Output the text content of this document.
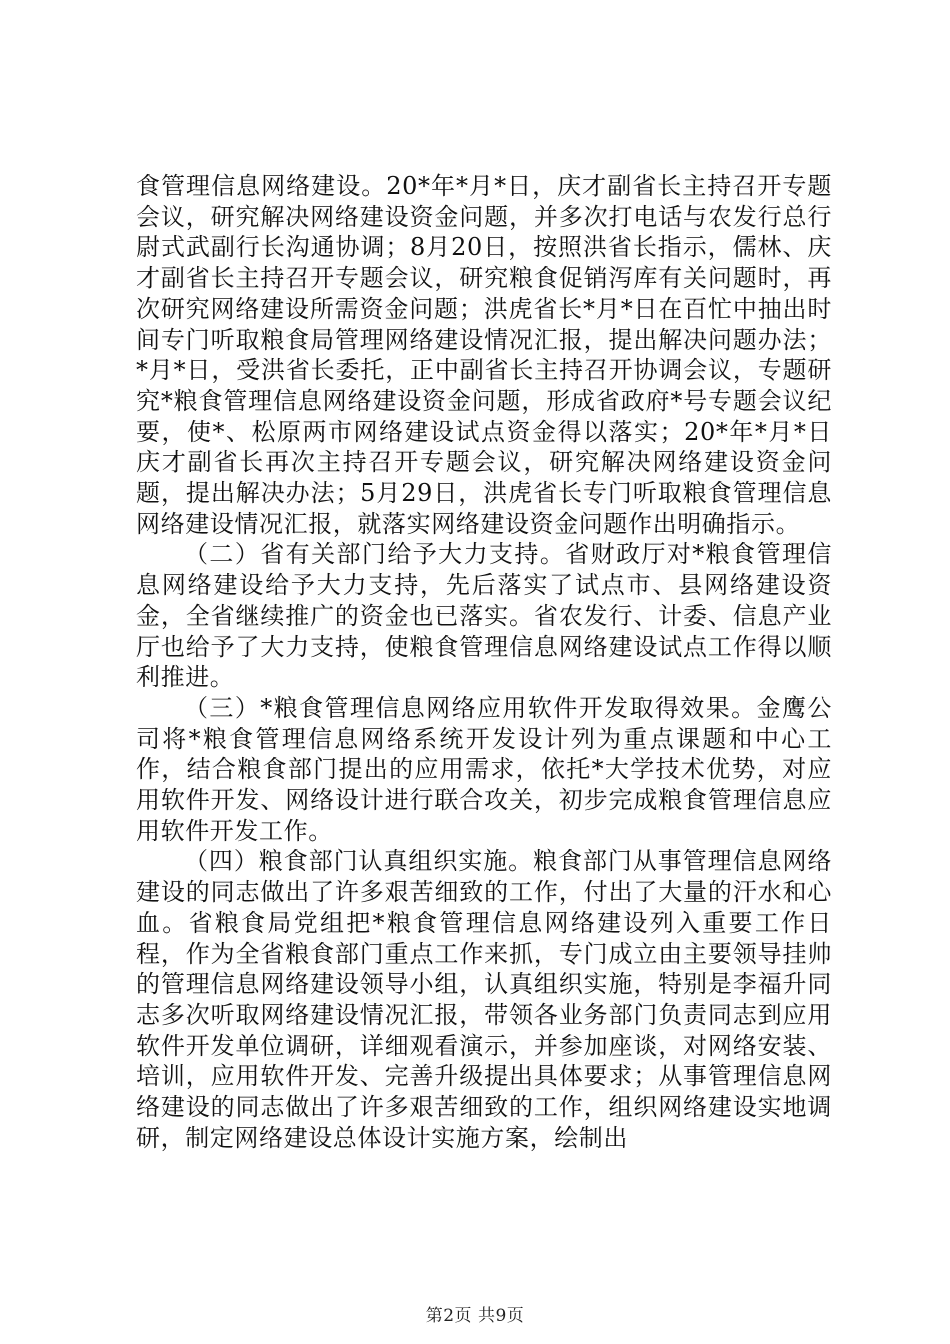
食管理信息网络建设。20*年*月*日，庆才副省长主持召开专题会议，研究解决网络建设资金问题，并多次打电话与农发行总行尉式武副行长沟通协调；8月20日，按照洪省长指示，儒林、庆才副省长主持召开专题会议，研究粮食促销泻库有关问题时，再次研究网络建设所需资金问题；洪虎省长*月*日在百忙中抽出时间专门听取粮食局管理网络建设情况汇报，提出解决问题办法；*月*日，受洪省长委托，正中副省长主持召开协调会议，专题研究*粮食管理信息网络建设资金问题，形成省政府*号专题会议纪要，使*、松原两市网络建设试点资金得以落实；20*年*月*日庆才副省长再次主持召开专题会议，研究解决网络建设资金问题，提出解决办法；5月29日，洪虎省长专门听取粮食管理信息网络建设情况汇报，就落实网络建设资金问题作出明确指示。

（二）省有关部门给予大力支持。省财政厅对*粮食管理信息网络建设给予大力支持，先后落实了试点市、县网络建设资金，全省继续推广的资金也已落实。省农发行、计委、信息产业厅也给予了大力支持，使粮食管理信息网络建设试点工作得以顺利推进。

（三）*粮食管理信息网络应用软件开发取得效果。金鹰公司将*粮食管理信息网络系统开发设计列为重点课题和中心工作，结合粮食部门提出的应用需求，依托*大学技术优势，对应用软件开发、网络设计进行联合攻关，初步完成粮食管理信息应用软件开发工作。

（四）粮食部门认真组织实施。粮食部门从事管理信息网络建设的同志做出了许多艰苦细致的工作，付出了大量的汗水和心血。省粮食局党组把*粮食管理信息网络建设列入重要工作日程，作为全省粮食部门重点工作来抓，专门成立由主要领导挂帅的管理信息网络建设领导小组，认真组织实施，特别是李福升同志多次听取网络建设情况汇报，带领各业务部门负责同志到应用软件开发单位调研，详细观看演示，并参加座谈，对网络安装、培训，应用软件开发、完善升级提出具体要求；从事管理信息网络建设的同志做出了许多艰苦细致的工作，组织网络建设实地调研，制定网络建设总体设计实施方案，绘制出

第2页 共9页
